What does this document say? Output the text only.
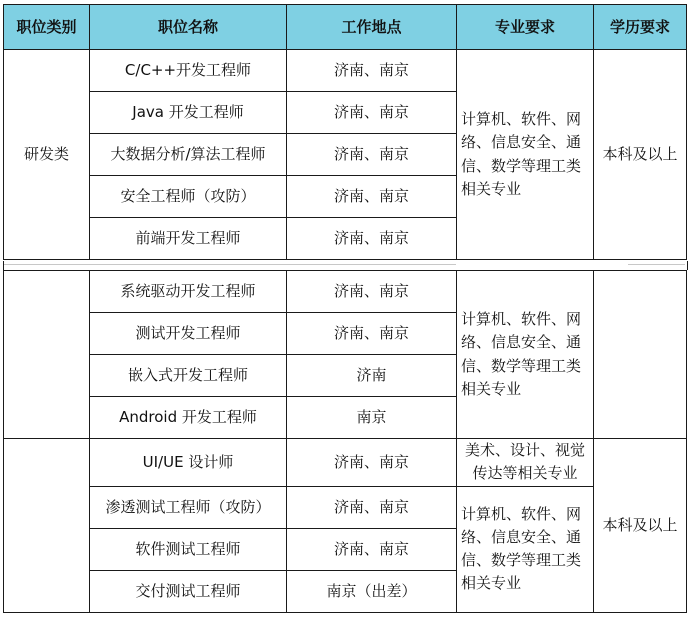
职位类别	职位名称	工作地点	专业要求	学历要求
研发类	C/C++开发工程师	济南、南京	计算机、软件、网络、信息安全、通信、数学等理工类相关专业	本科及以上
	Java 开发工程师	济南、南京		
	大数据分析/算法工程师	济南、南京		
	安全工程师（攻防）	济南、南京		
	前端开发工程师	济南、南京		
	系统驱动开发工程师	济南、南京	计算机、软件、网络、信息安全、通信、数学等理工类相关专业	
	测试开发工程师	济南、南京		
	嵌入式开发工程师	济南		
	Android 开发工程师	南京		
	UI/UE 设计师	济南、南京	美术、设计、视觉传达等相关专业	本科及以上
	渗透测试工程师（攻防）	济南、南京	计算机、软件、网络、信息安全、通信、数学等理工类相关专业	
	软件测试工程师	济南、南京		
	交付测试工程师	南京（出差）		
